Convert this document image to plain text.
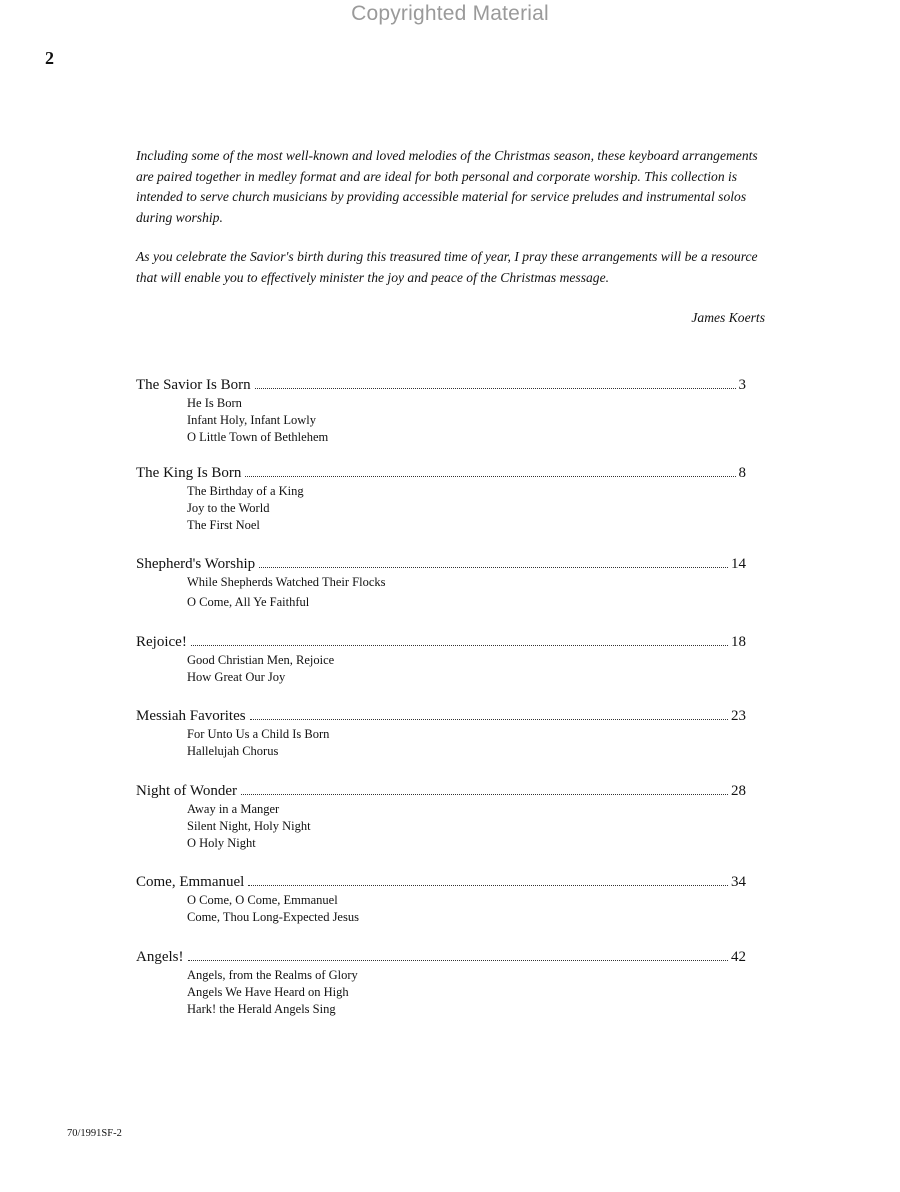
Copyrighted Material
2

Including some of the most well-known and loved melodies of the Christmas season, these keyboard arrangements are paired together in medley format and are ideal for both personal and corporate worship. This collection is intended to serve church musicians by providing accessible material for service preludes and instrumental solos during worship.

As you celebrate the Savior's birth during this treasured time of year, I pray these arrangements will be a resource that will enable you to effectively minister the joy and peace of the Christmas message.

James Koerts
The Savior Is Born	3
He Is Born
Infant Holy, Infant Lowly
O Little Town of Bethlehem
The King Is Born	8
The Birthday of a King
Joy to the World
The First Noel
Shepherd's Worship	14
While Shepherds Watched Their Flocks
O Come, All Ye Faithful
Rejoice!	18
Good Christian Men, Rejoice
How Great Our Joy
Messiah Favorites	23
For Unto Us a Child Is Born
Hallelujah Chorus
Night of Wonder	28
Away in a Manger
Silent Night, Holy Night
O Holy Night
Come, Emmanuel	34
O Come, O Come, Emmanuel
Come, Thou Long-Expected Jesus
Angels!	42
Angels, from the Realms of Glory
Angels We Have Heard on High
Hark! the Herald Angels Sing
70/1991SF-2
